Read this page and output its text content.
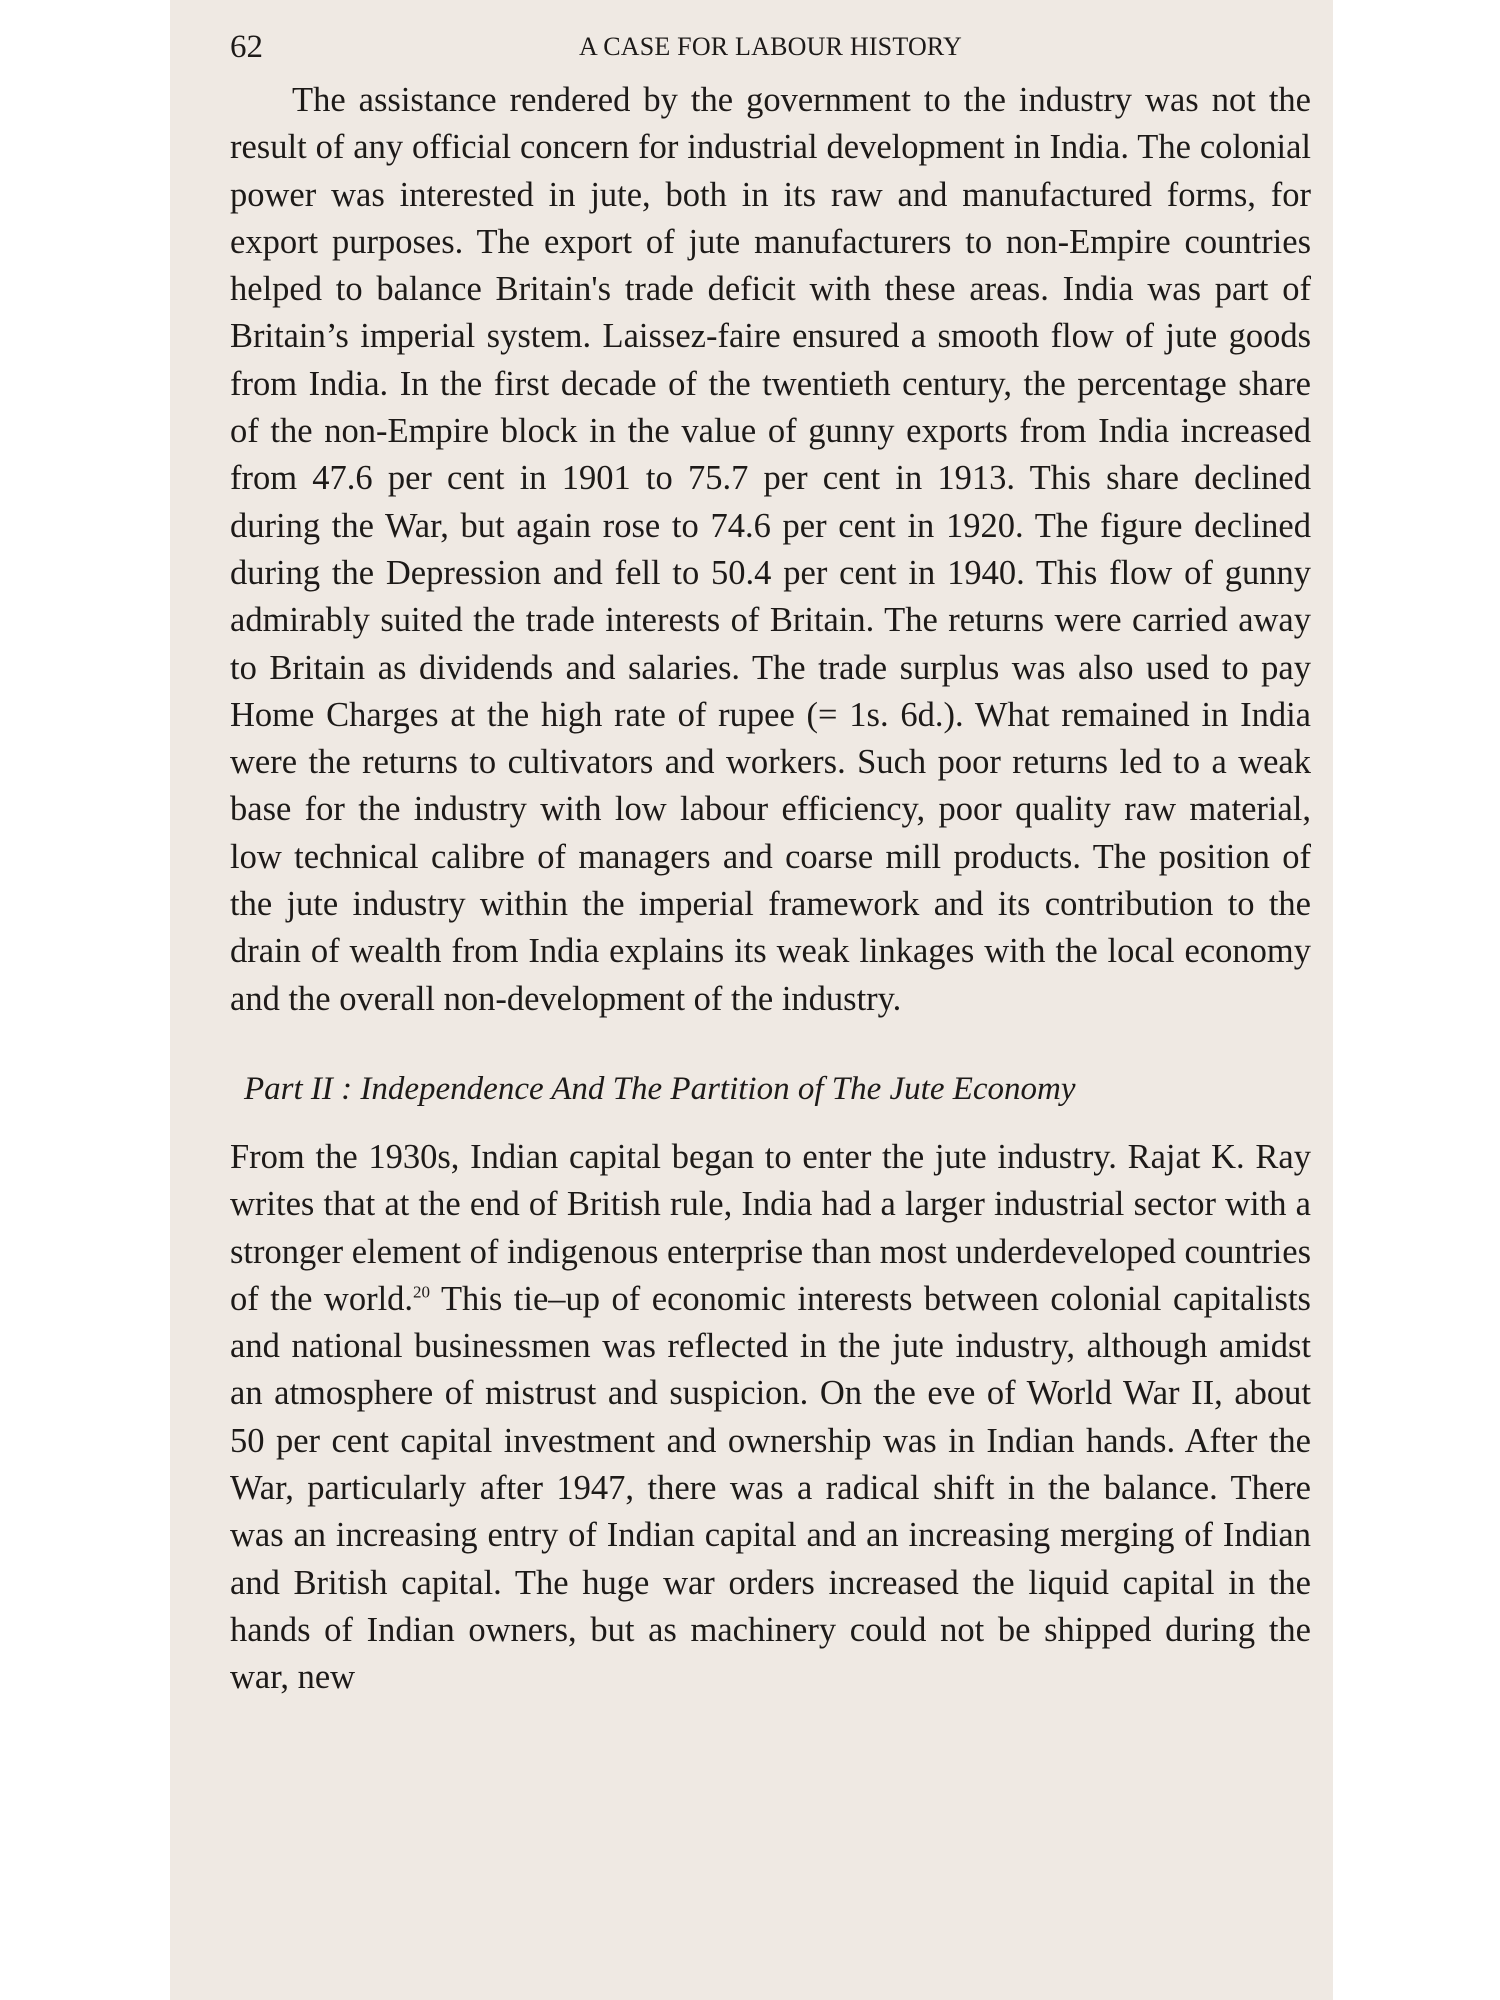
62	A CASE FOR LABOUR HISTORY

The assistance rendered by the government to the industry was not the result of any official concern for industrial development in India. The colonial power was interested in jute, both in its raw and manufactured forms, for export purposes. The export of jute manufacturers to non-Empire countries helped to balance Britain's trade deficit with these areas. India was part of Britain’s imperial system. Laissez-faire ensured a smooth flow of jute goods from India. In the first decade of the twentieth century, the percentage share of the non-Empire block in the value of gunny exports from India increased from 47.6 per cent in 1901 to 75.7 per cent in 1913. This share declined during the War, but again rose to 74.6 per cent in 1920. The figure declined during the Depression and fell to 50.4 per cent in 1940. This flow of gunny admirably suited the trade interests of Britain. The returns were carried away to Britain as dividends and salaries. The trade surplus was also used to pay Home Charges at the high rate of rupee (= 1s. 6d.). What remained in India were the returns to cultivators and workers. Such poor returns led to a weak base for the industry with low labour efficiency, poor quality raw material, low technical calibre of managers and coarse mill products. The position of the jute industry within the imperial framework and its contribution to the drain of wealth from India explains its weak linkages with the local economy and the overall non-development of the industry.

Part II : Independence And The Partition of The Jute Economy

From the 1930s, Indian capital began to enter the jute industry. Rajat K. Ray writes that at the end of British rule, India had a larger industrial sector with a stronger element of indigenous enterprise than most underdeveloped countries of the world.$^{20}$ This tie–up of economic interests between colonial capitalists and national businessmen was reflected in the jute industry, although amidst an atmosphere of mistrust and suspicion. On the eve of World War II, about 50 per cent capital investment and ownership was in Indian hands. After the War, particularly after 1947, there was a radical shift in the balance. There was an increasing entry of Indian capital and an increasing merging of Indian and British capital. The huge war orders increased the liquid capital in the hands of Indian owners, but as machinery could not be shipped during the war, new
